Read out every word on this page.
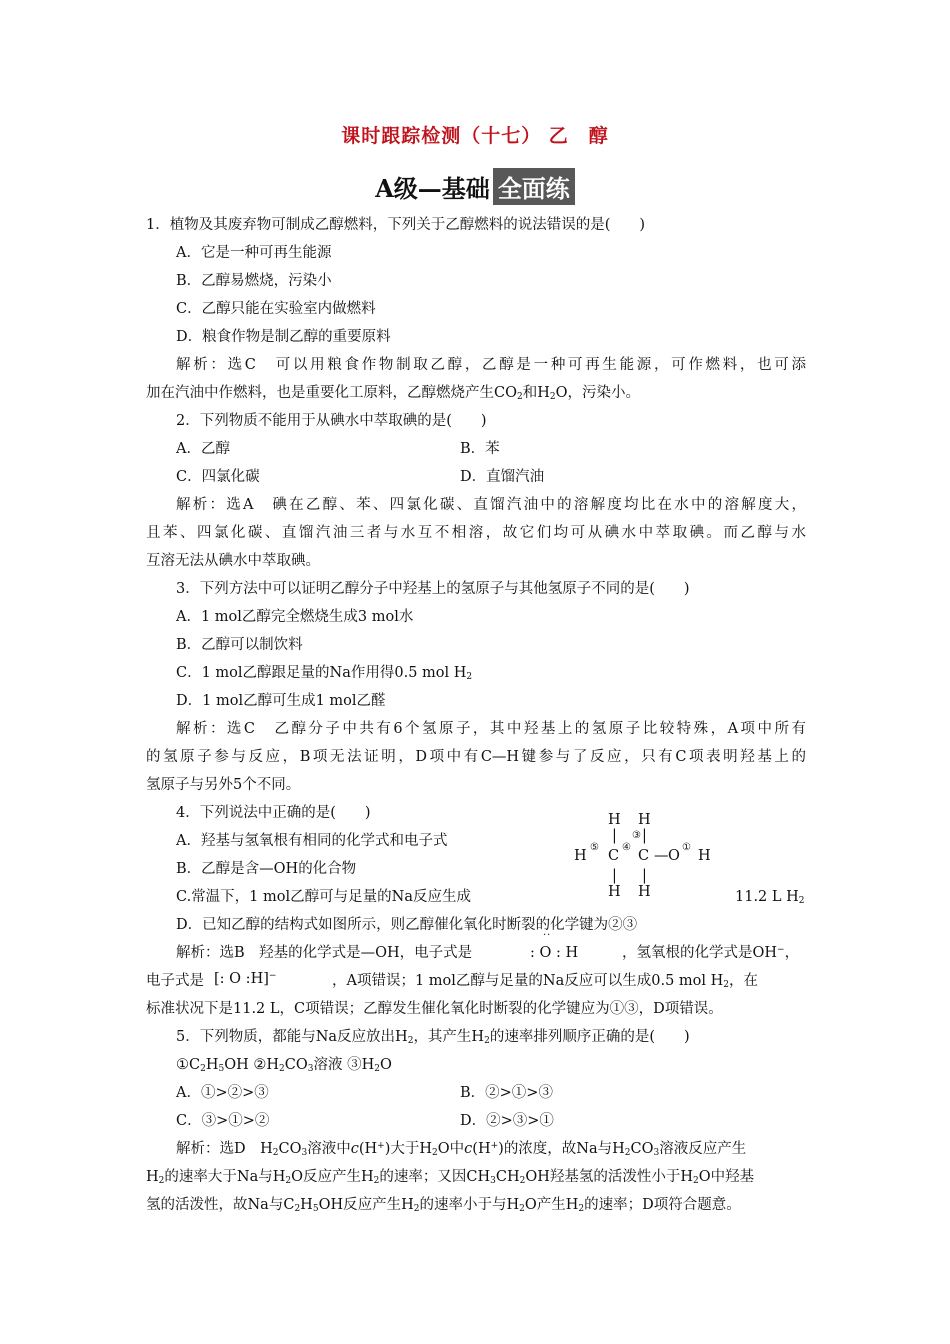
课时跟踪检测（十七） 乙　醇
A级—基础 全面练
1．植物及其废弃物可制成乙醇燃料，下列关于乙醇燃料的说法错误的是(　　)
A．它是一种可再生能源
B．乙醇易燃烧，污染小
C．乙醇只能在实验室内做燃料
D．粮食作物是制乙醇的重要原料
解析：选C　可以用粮食作物制取乙醇，乙醇是一种可再生能源，可作燃料，也可添
加在汽油中作燃料，也是重要化工原料，乙醇燃烧产生$CO_2$和$H_2O$，污染小。
2．下列物质不能用于从碘水中萃取碘的是(　　)
A．乙醇	B．苯
C．四氯化碳	D．直馏汽油
解析：选A　碘在乙醇、苯、四氯化碳、直馏汽油中的溶解度均比在水中的溶解度大，
且苯、四氯化碳、直馏汽油三者与水互不相溶，故它们均可从碘水中萃取碘。而乙醇与水
互溶无法从碘水中萃取碘。
3．下列方法中可以证明乙醇分子中羟基上的氢原子与其他氢原子不同的是(　　)
A．1 mol乙醇完全燃烧生成3 mol水
B．乙醇可以制饮料
C．1 mol乙醇跟足量的Na作用得0.5 mol $H_2$
D．1 mol乙醇可生成1 mol乙醛
解析：选C　乙醇分子中共有6个氢原子，其中羟基上的氢原子比较特殊，A项中所有
的氢原子参与反应，B项无法证明，D项中有C—H键参与了反应，只有C项表明羟基上的
氢原子与另外5个不同。
4．下列说法中正确的是(　　)
A．羟基与氢氧根有相同的化学式和电子式
B．乙醇是含—OH的化合物
C.常温下，1 mol乙醇可与足量的Na反应生成	11.2 L $H_2$
H H
| ③ |
H
⑤
C
④
C — O
①
H
| |
H H
D．已知乙醇的结构式如图所示，则乙醇催化氧化时断裂的化学键为②③
解析：选B　羟基的化学式是—OH，电子式是
··
: O : H	，氢氧根的化学式是OH−，
电子式是 [: O :H]−	，A项错误；1 mol乙醇与足量的Na反应可以生成0.5 mol $H_2$，在
标准状况下是11.2 L，C项错误；乙醇发生催化氧化时断裂的化学键应为①③，D项错误。
5．下列物质，都能与Na反应放出$H_2$，其产生$H_2$的速率排列顺序正确的是(　　)
$①C_2H_5OH$ $②H_2CO_3$溶液 $③H_2O$
A．①>②>③	B．②>①>③
C．③>①>②	D．②>③>①
解析：选D　$H_2CO_3$溶液中c(H+)大于$H_2O$中c(H+)的浓度，故Na与$H_2CO_3$溶液反应产生
$H_2$的速率大于Na与$H_2O$反应产生$H_2$的速率；又因$CH_3CH_2OH$羟基氢的活泼性小于$H_2O$中羟基
氢的活泼性，故Na与$C_2H_5OH$反应产生$H_2$的速率小于与$H_2O$产生$H_2$的速率；D项符合题意。
